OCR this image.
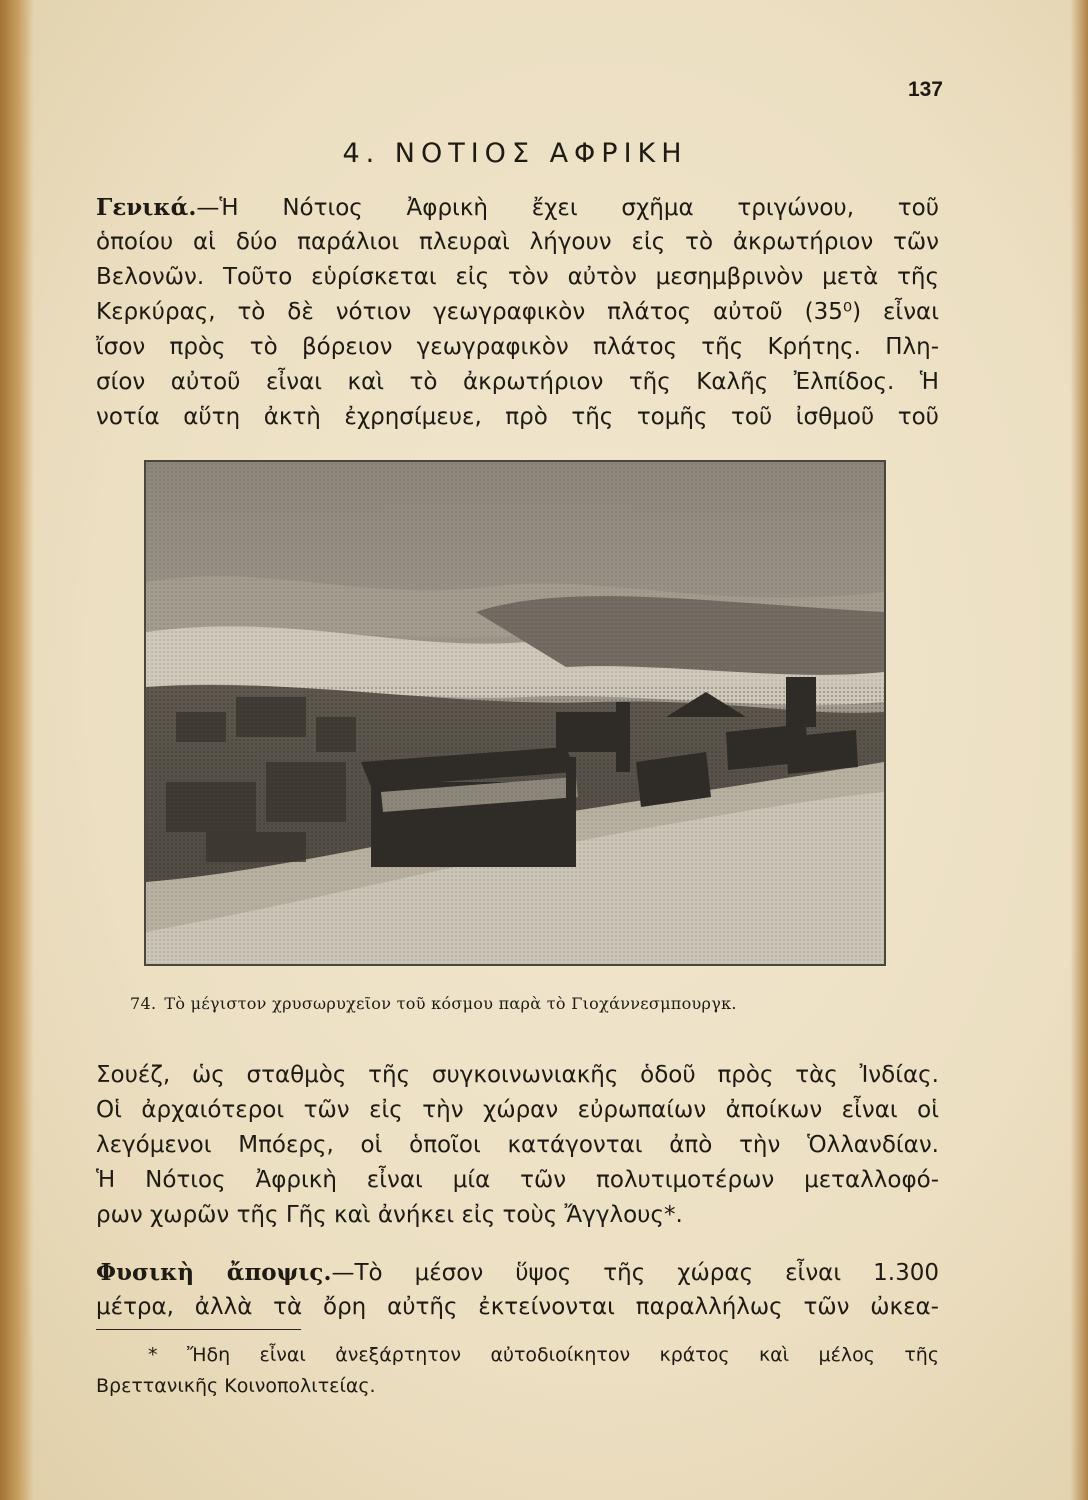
137
4. ΝΟΤΙΟΣ ΑΦΡΙΚΗ
Γενικά.—Ἡ Νότιος Ἀφρικὴ ἔχει σχῆμα τριγώνου, τοῦ
ὁποίου αἱ δύο παράλιοι πλευραὶ λήγουν εἰς τὸ ἀκρωτήριον τῶν
Βελονῶν. Τοῦτο εὑρίσκεται εἰς τὸν αὐτὸν μεσημβρινὸν μετὰ τῆς
Κερκύρας, τὸ δὲ νότιον γεωγραφικὸν πλάτος αὐτοῦ (35⁰) εἶναι
ἴσον πρὸς τὸ βόρειον γεωγραφικὸν πλάτος τῆς Κρήτης. Πλη-
σίον αὐτοῦ εἶναι καὶ τὸ ἀκρωτήριον τῆς Καλῆς Ἐλπίδος. Ἡ
νοτία αὕτη ἀκτὴ ἐχρησίμευε, πρὸ τῆς τομῆς τοῦ ἰσθμοῦ τοῦ
74. Τὸ μέγιστον χρυσωρυχεῖον τοῦ κόσμου παρὰ τὸ Γιοχάννεσμπουργκ.
Σουέζ, ὡς σταθμὸς τῆς συγκοινωνιακῆς ὁδοῦ πρὸς τὰς Ἰνδίας.
Οἱ ἀρχαιότεροι τῶν εἰς τὴν χώραν εὐρωπαίων ἀποίκων εἶναι οἱ
λεγόμενοι Μπόερς, οἱ ὁποῖοι κατάγονται ἀπὸ τὴν Ὁλλανδίαν.
Ἡ Νότιος Ἀφρικὴ εἶναι μία τῶν πολυτιμοτέρων μεταλλοφό-
ρων χωρῶν τῆς Γῆς καὶ ἀνήκει εἰς τοὺς Ἄγγλους*.
Φυσικὴ ἄποψις.—Τὸ μέσον ὕψος τῆς χώρας εἶναι 1.300
μέτρα, ἀλλὰ τὰ ὄρη αὐτῆς ἐκτείνονται παραλλήλως τῶν ὠκεα-
* Ἤδη εἶναι ἀνεξάρτητον αὐτοδιοίκητον κράτος καὶ μέλος τῆς
Βρεττανικῆς Κοινοπολιτείας.
